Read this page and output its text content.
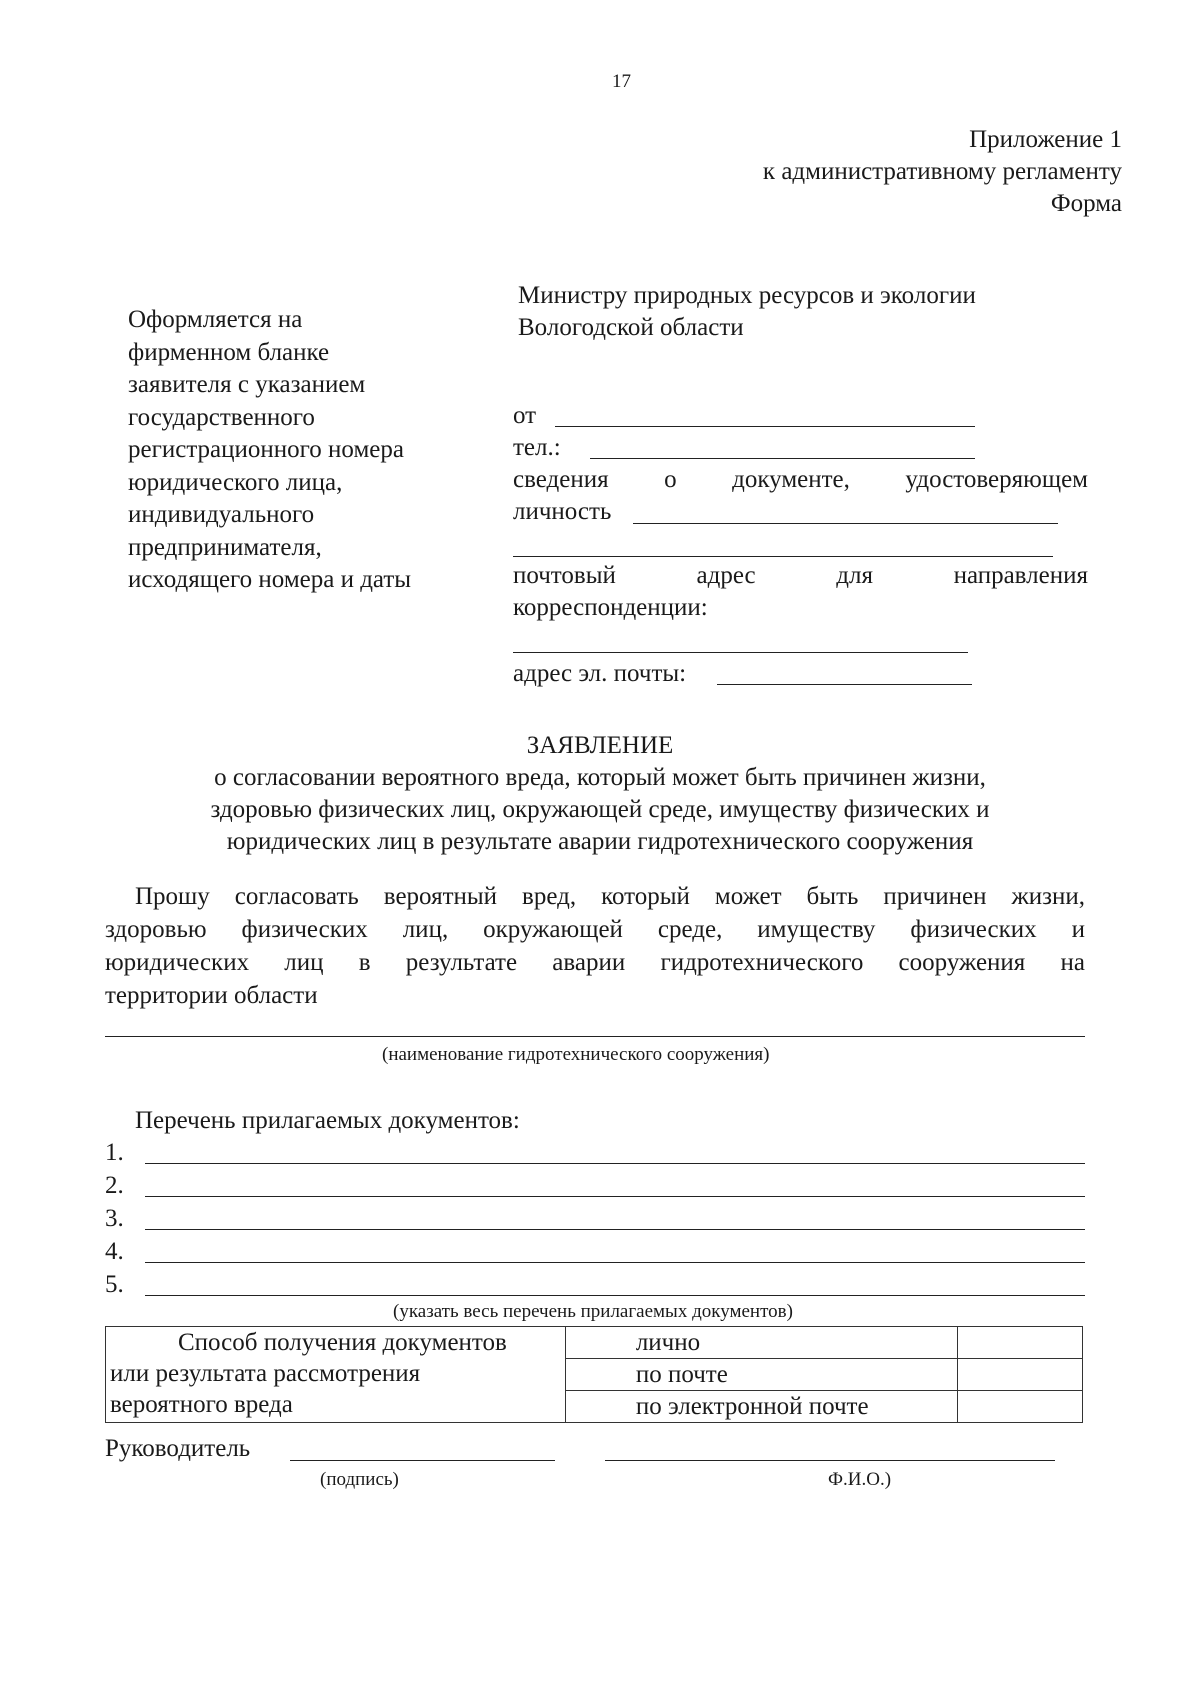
17
Приложение 1
к административному регламенту
Форма
Оформляется на
фирменном бланке
заявителя с указанием
государственного
регистрационного номера
юридического лица,
индивидуального
предпринимателя,
исходящего номера и даты
Министру природных ресурсов и экологии
Вологодской области
от
тел.:
сведения о документе, удостоверяющем
личность
почтовый адрес для направления
корреспонденции:
адрес эл. почты:
ЗАЯВЛЕНИЕ
о согласовании вероятного вреда, который может быть причинен жизни,
здоровью физических лиц, окружающей среде, имуществу физических и
юридических лиц в результате аварии гидротехнического сооружения
Прошу согласовать вероятный вред, который может быть причинен жизни,
здоровью физических лиц, окружающей среде, имуществу физических и
юридических лиц в результате аварии гидротехнического сооружения на
территории области
(наименование гидротехнического сооружения)
Перечень прилагаемых документов:
1.
2.
3.
4.
5.
(указать весь перечень прилагаемых документов)
Способ получения документов
или результата рассмотрения
вероятного вреда	лично	
	по почте	
	по электронной почте	
Руководитель
(подпись)	Ф.И.О.)
